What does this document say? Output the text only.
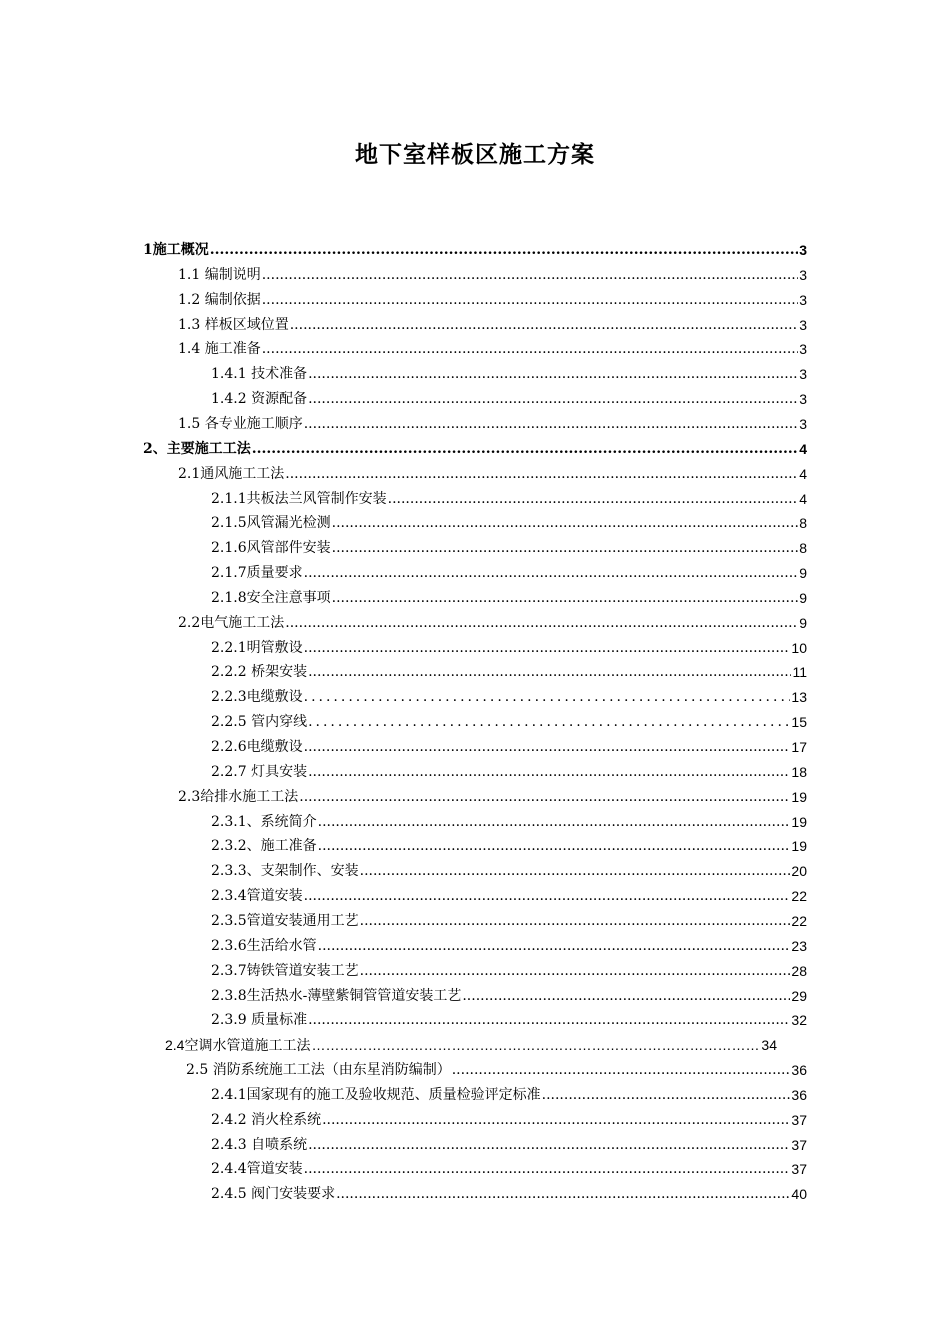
地下室样板区施工方案
1施工概况 .....	3
1.1 编制说明 .....	3
1.2 编制依据 .....	3
1.3 样板区域位置 .....	3
1.4 施工准备 .....	3
1.4.1 技术准备 .....	3
1.4.2 资源配备 .....	3
1.5 各专业施工顺序 .....	3
2、主要施工工法 .....	4
2.1通风施工工法 .....	4
2.1.1共板法兰风管制作安装 .....	4
2.1.5风管漏光检测 .....	8
2.1.6风管部件安装 .....	8
2.1.7质量要求 .....	9
2.1.8安全注意事项 .....	9
2.2电气施工工法 .....	9
2.2.1明管敷设 .....	10
2.2.2 桥架安装 .....	11
2.2.3电缆敷设 .....	13
2.2.5 管内穿线 .....	15
2.2.6电缆敷设 .....	17
2.2.7 灯具安装 .....	18
2.3给排水施工工法 .....	19
2.3.1、系统简介 .....	19
2.3.2、施工准备 .....	19
2.3.3、支架制作、安装 .....	20
2.3.4管道安装 .....	22
2.3.5管道安装通用工艺 .....	22
2.3.6生活给水管 .....	23
2.3.7铸铁管道安装工艺 .....	28
2.3.8生活热水-薄壁紫铜管管道安装工艺 .....	29
2.3.9 质量标准 .....	32
2.4空调水管道施工工法 ……………………………………………………………………………………………………………………………………………	34
2.5 消防系统施工工法（由东星消防编制） .....	36
2.4.1国家现有的施工及验收规范、质量检验评定标准 .....	36
2.4.2 消火栓系统 .....	37
2.4.3 自喷系统 .....	37
2.4.4管道安装 .....	37
2.4.5 阀门安装要求 .....	40
